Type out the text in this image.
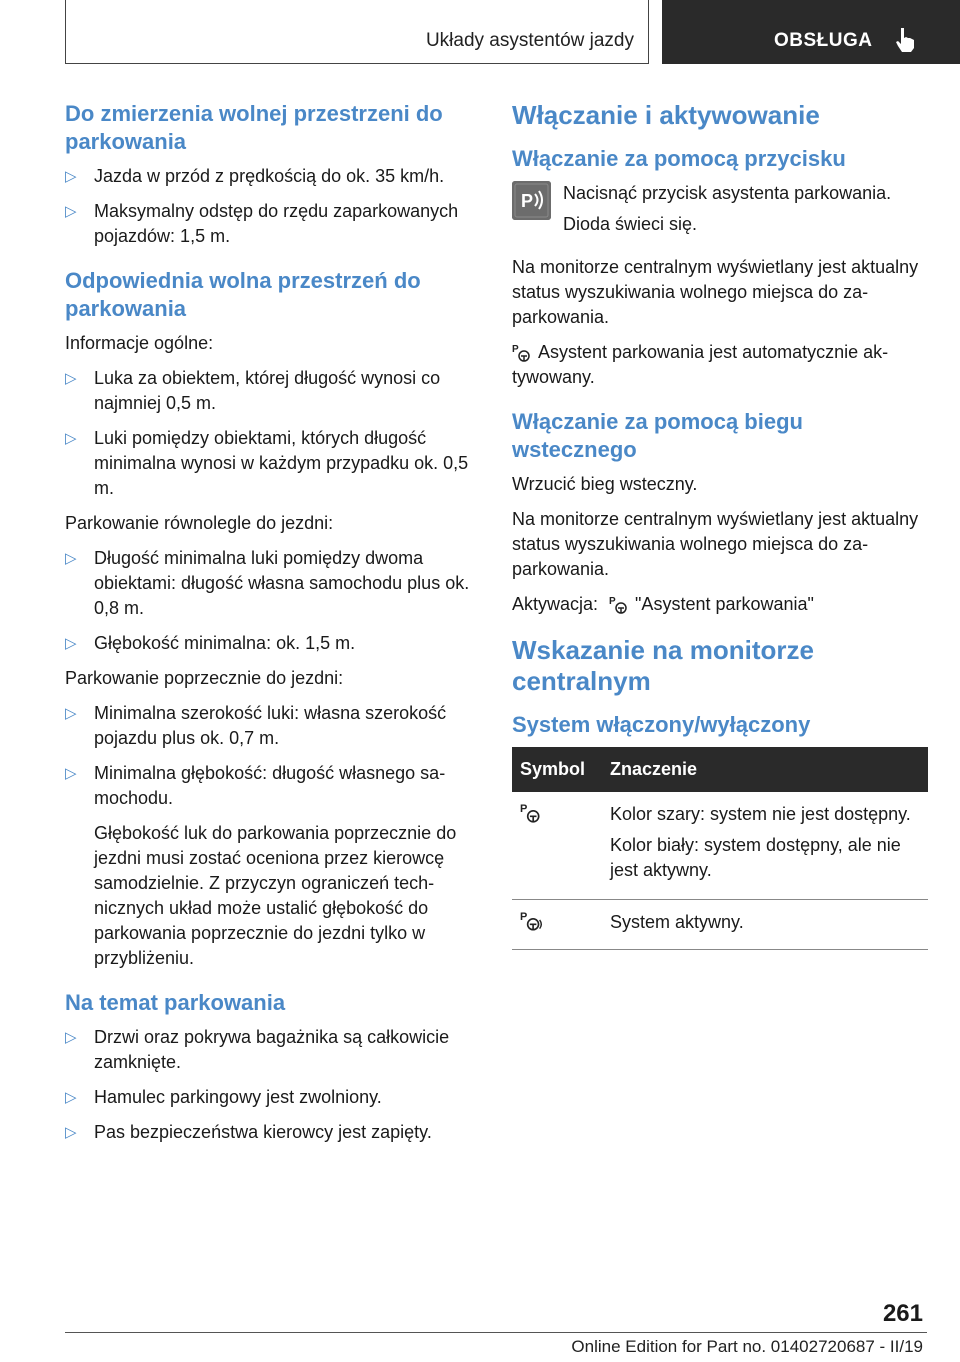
Układy asystentów jazdy	OBSŁUGA
Do zmierzenia wolnej przestrzeni do parkowania
▷ Jazda w przód z prędkością do ok. 35 km/h.
▷ Maksymalny odstęp do rzędu zaparkowanych pojazdów: 1,5 m.
Odpowiednia wolna przestrzeń do parkowania

Informacje ogólne:

▷ Luka za obiektem, której długość wynosi co najmniej 0,5 m.
▷ Luki pomiędzy obiektami, których długość minimalna wynosi w każdym przypadku ok. 0,5 m.

Parkowanie równolegle do jezdni:

▷ Długość minimalna luki pomiędzy dwoma obiektami: długość własna samochodu plus ok. 0,8 m.
▷ Głębokość minimalna: ok. 1,5 m.

Parkowanie poprzecznie do jezdni:

▷ Minimalna szerokość luki: własna szerokość pojazdu plus ok. 0,7 m.
▷ Minimalna głębokość: długość własnego samochodu.
Głębokość luk do parkowania poprzecznie do jezdni musi zostać oceniona przez kierowcę samodzielnie. Z przyczyn ograniczeń technicznych układ może ustalić głębokość do parkowania poprzecznie do jezdni tylko w przybliżeniu.
Na temat parkowania
▷ Drzwi oraz pokrywa bagażnika są całkowicie zamknięte.
▷ Hamulec parkingowy jest zwolniony.
▷ Pas bezpieczeństwa kierowcy jest zapięty.
Włączanie i aktywowanie
Włączanie za pomocą przycisku
P Nacisnąć przycisk asystenta parkowania.

Dioda świeci się.

Na monitorze centralnym wyświetlany jest aktualny status wyszukiwania wolnego miejsca do zaparkowania.

P Asystent parkowania jest automatycznie aktywowany.

Włączanie za pomocą biegu wstecznego

Wrzucić bieg wsteczny.

Na monitorze centralnym wyświetlany jest aktualny status wyszukiwania wolnego miejsca do zaparkowania.

Aktywacja: P "Asystent parkowania"

Wskazanie na monitorze centralnym
System włączony/wyłączony
Symbol	Znaczenie

P	Kolor szary: system nie jest dostępny.

Kolor biały: system dostępny, ale nie jest aktywny.

P	System aktywny.
261
Online Edition for Part no. 01402720687 - II/19
